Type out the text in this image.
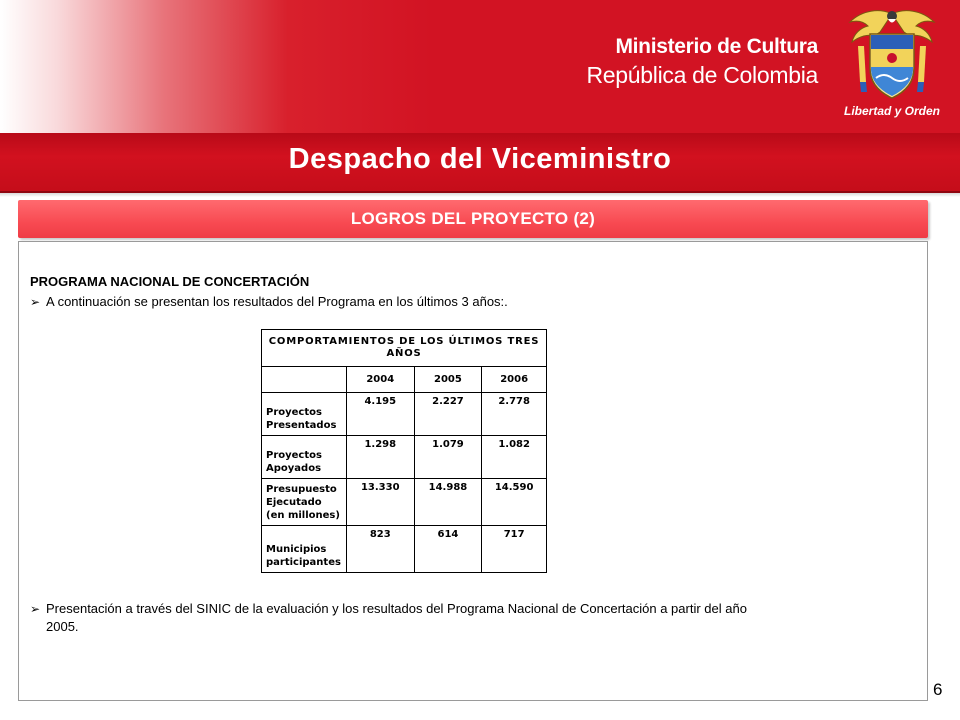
Ministerio de Cultura
República de Colombia
Libertad y Orden
Despacho del Viceministro
LOGROS DEL PROYECTO (2)
PROGRAMA NACIONAL DE CONCERTACIÓN
➢ A continuación se presentan los resultados del Programa en los últimos 3 años:.
COMPORTAMIENTOS DE LOS ÚLTIMOS TRES
AÑOS			
	2004	2005	2006
Proyectos
Presentados	4.195	2.227	2.778
Proyectos
Apoyados	1.298	1.079	1.082
Presupuesto
Ejecutado
(en millones)	13.330	14.988	14.590
Municipios
participantes	823	614	717
➢ Presentación a través del SINIC de la evaluación y los resultados del Programa Nacional de Concertación a partir del año
2005.
6
